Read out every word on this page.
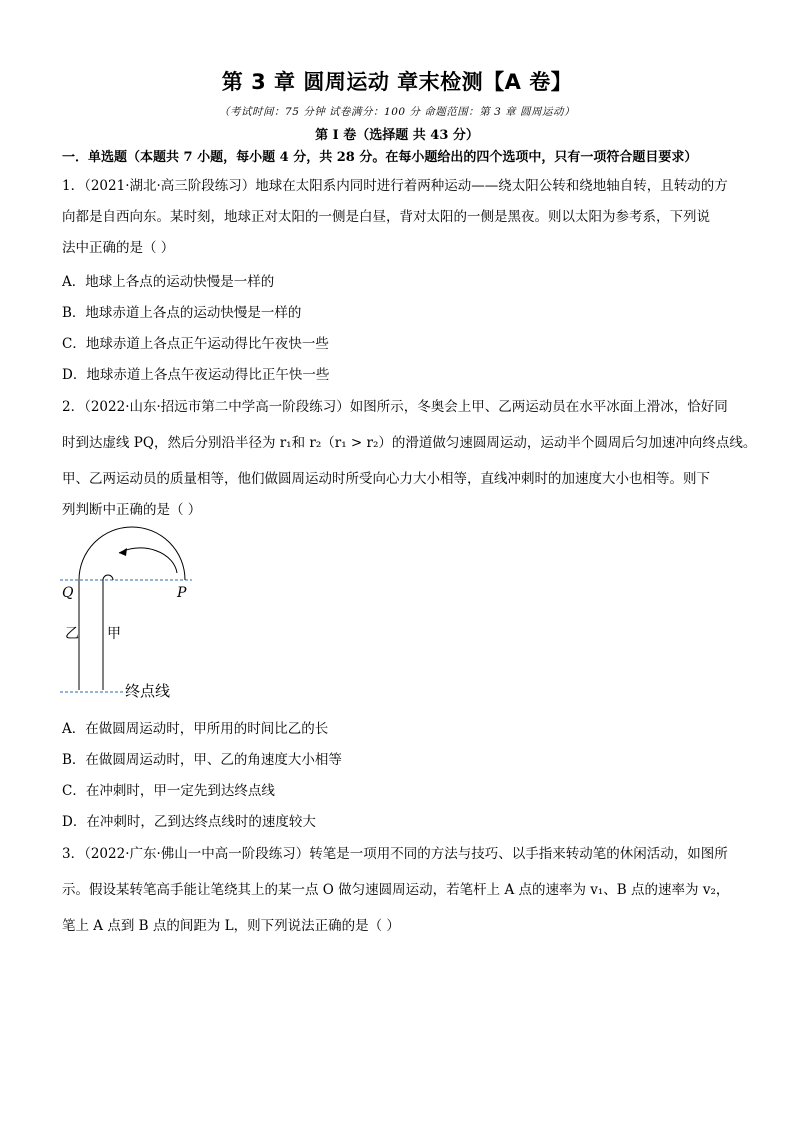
第 3 章 圆周运动 章末检测【A 卷】
（考试时间：75 分钟 试卷满分：100 分 命题范围：第 3 章 圆周运动）
第 I 卷（选择题 共 43 分）
一．单选题（本题共 7 小题，每小题 4 分，共 28 分。在每小题给出的四个选项中，只有一项符合题目要求）
1．（2021·湖北·高三阶段练习）地球在太阳系内同时进行着两种运动——绕太阳公转和绕地轴自转，且转动的方
向都是自西向东。某时刻，地球正对太阳的一侧是白昼，背对太阳的一侧是黑夜。则以太阳为参考系，下列说
法中正确的是（ ）
A．地球上各点的运动快慢是一样的
B．地球赤道上各点的运动快慢是一样的
C．地球赤道上各点正午运动得比午夜快一些
D．地球赤道上各点午夜运动得比正午快一些
2．（2022·山东·招远市第二中学高一阶段练习）如图所示，冬奥会上甲、乙两运动员在水平冰面上滑冰，恰好同
时到达虚线 PQ，然后分别沿半径为 r₁和 r₂（r₁ > r₂）的滑道做匀速圆周运动，运动半个圆周后匀加速冲向终点线。
甲、乙两运动员的质量相等，他们做圆周运动时所受向心力大小相等，直线冲刺时的加速度大小也相等。则下
列判断中正确的是（ ）
Q	P
乙 甲
终点线
A．在做圆周运动时，甲所用的时间比乙的长
B．在做圆周运动时，甲、乙的角速度大小相等
C．在冲刺时，甲一定先到达终点线
D．在冲刺时，乙到达终点线时的速度较大
3．（2022·广东·佛山一中高一阶段练习）转笔是一项用不同的方法与技巧、以手指来转动笔的休闲活动，如图所
示。假设某转笔高手能让笔绕其上的某一点 O 做匀速圆周运动，若笔杆上 A 点的速率为 v₁、B 点的速率为 v₂，
笔上 A 点到 B 点的间距为 L，则下列说法正确的是（ ）
